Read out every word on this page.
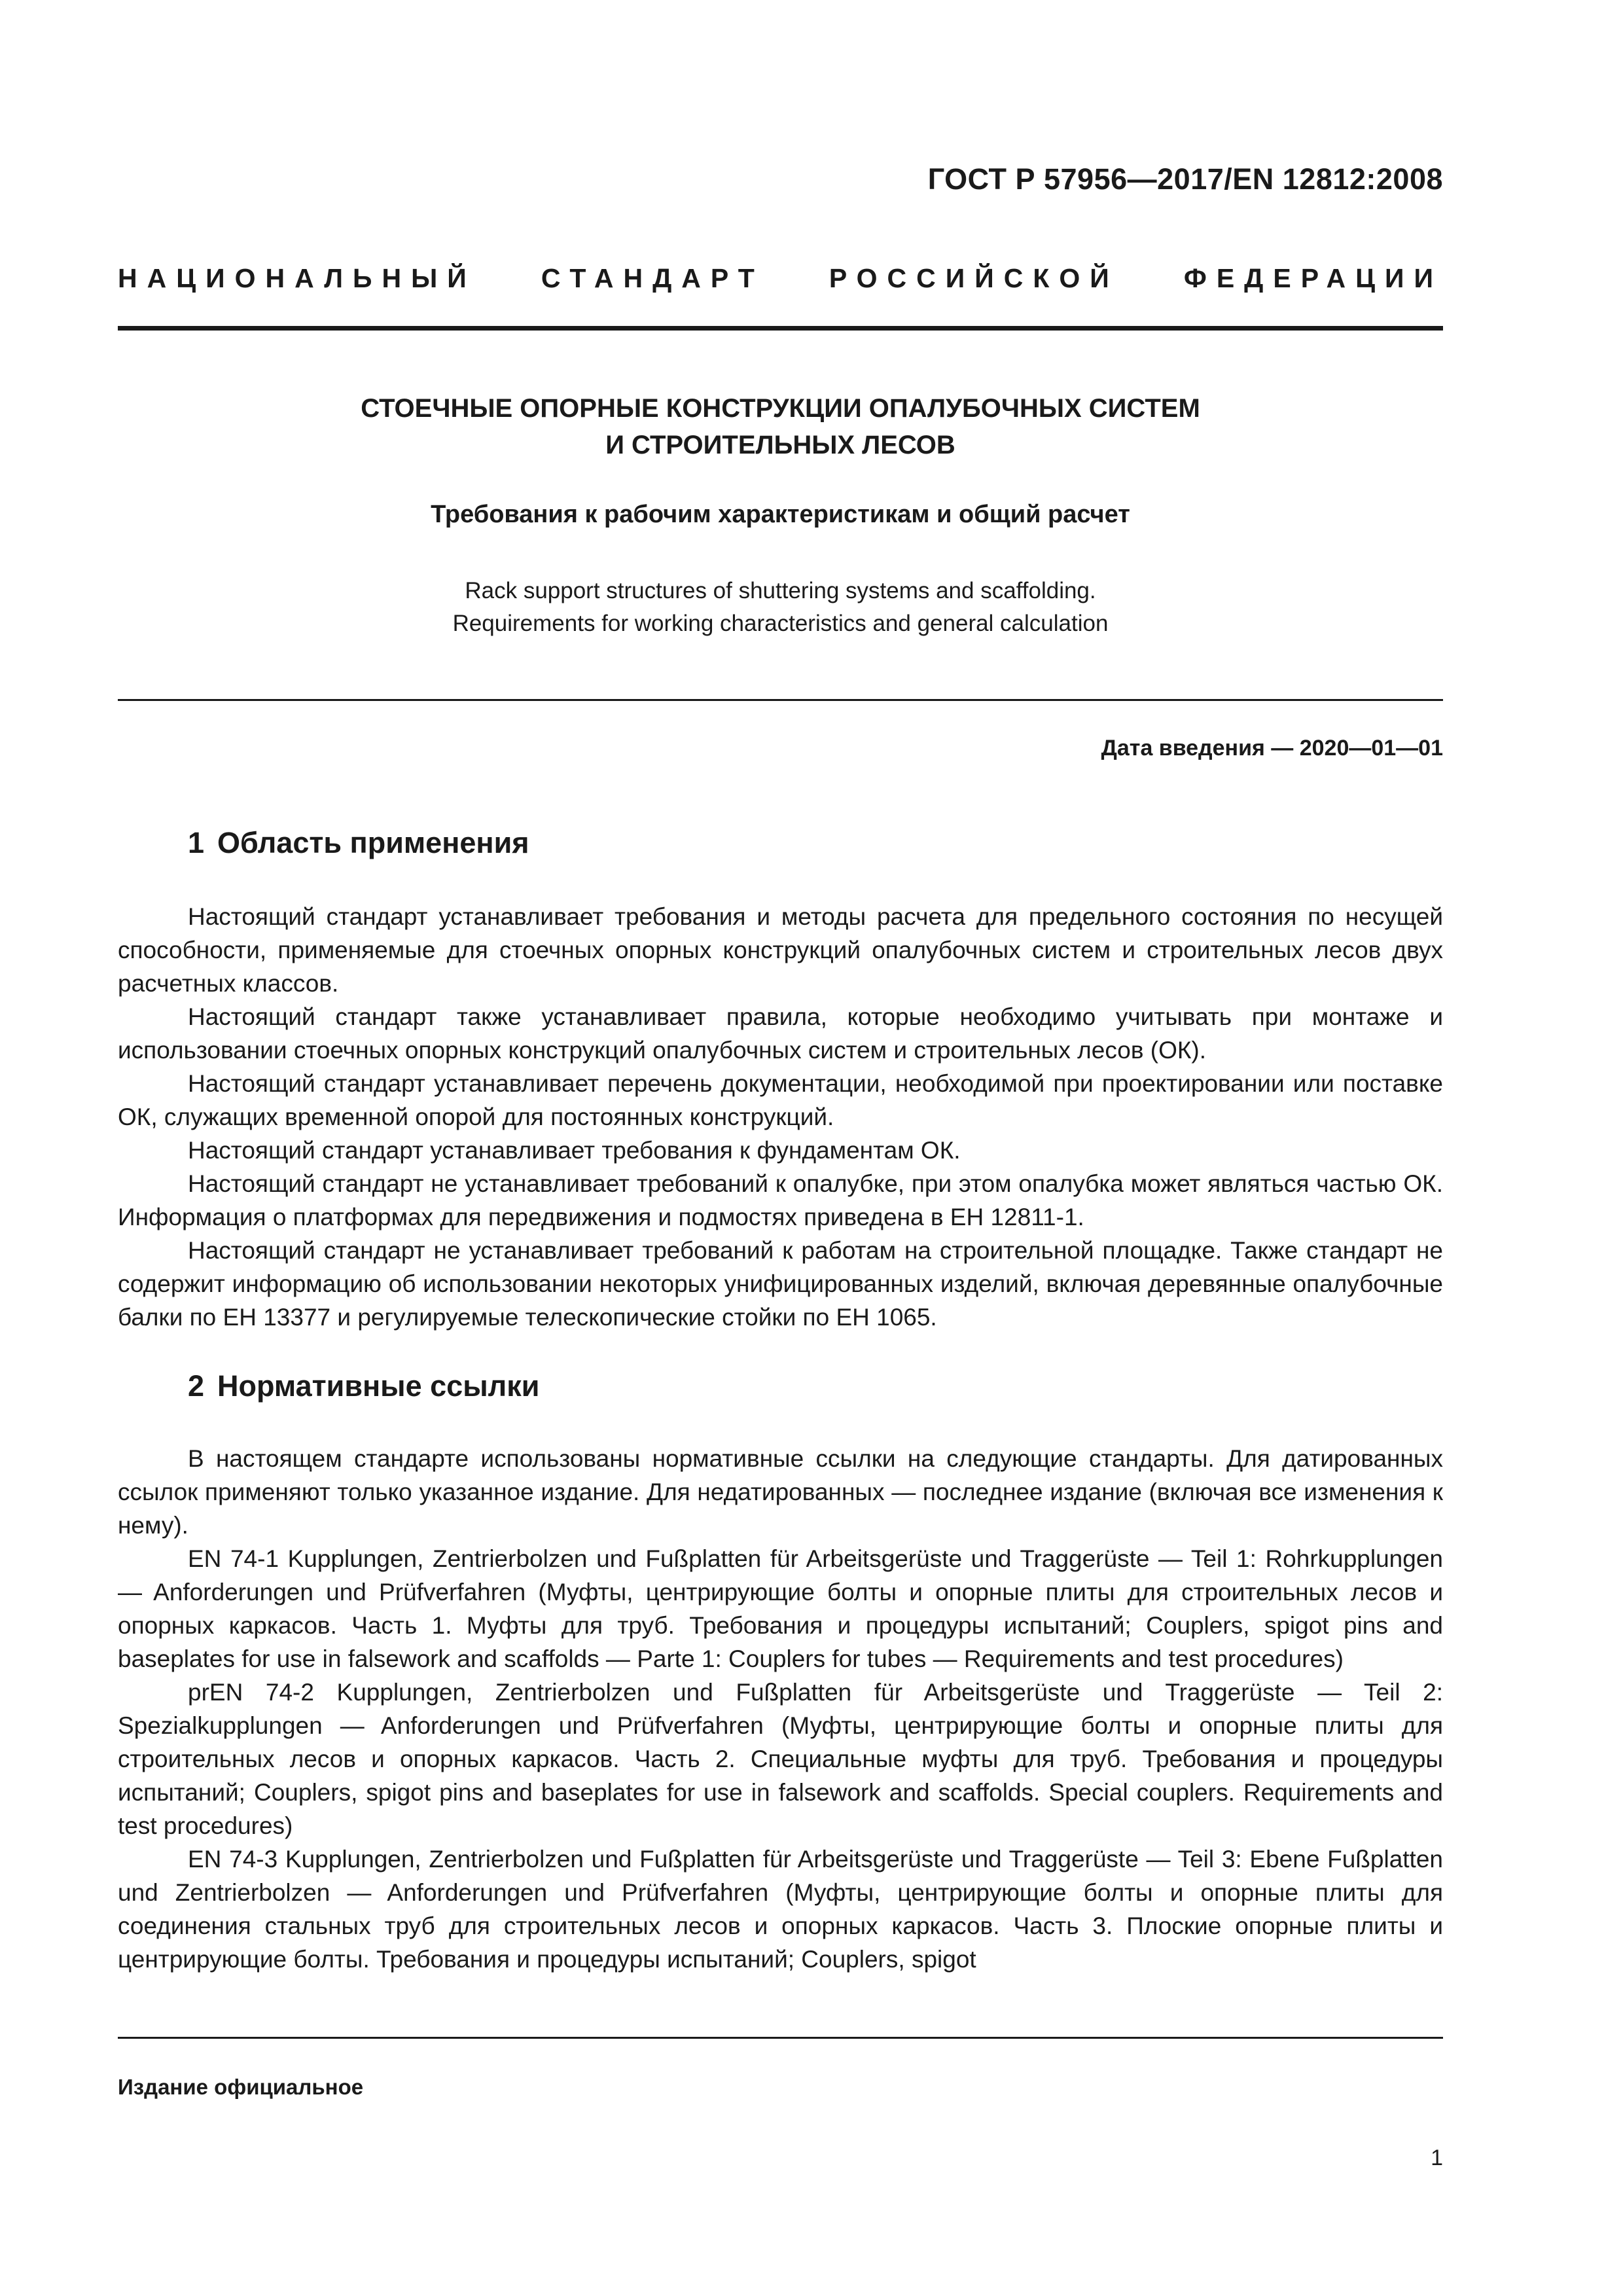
ГОСТ Р 57956—2017/EN 12812:2008
НАЦИОНАЛЬНЫЙ СТАНДАРТ РОССИЙСКОЙ ФЕДЕРАЦИИ
СТОЕЧНЫЕ ОПОРНЫЕ КОНСТРУКЦИИ ОПАЛУБОЧНЫХ СИСТЕМ
И СТРОИТЕЛЬНЫХ ЛЕСОВ
Требования к рабочим характеристикам и общий расчет
Rack support structures of shuttering systems and scaffolding.
Requirements for working characteristics and general calculation
Дата введения — 2020—01—01
1 Область применения

Настоящий стандарт устанавливает требования и методы расчета для предельного состояния по несущей способности, применяемые для стоечных опорных конструкций опалубочных систем и строительных лесов двух расчетных классов.

Настоящий стандарт также устанавливает правила, которые необходимо учитывать при монтаже и использовании стоечных опорных конструкций опалубочных систем и строительных лесов (ОК).

Настоящий стандарт устанавливает перечень документации, необходимой при проектировании или поставке ОК, служащих временной опорой для постоянных конструкций.

Настоящий стандарт устанавливает требования к фундаментам ОК.

Настоящий стандарт не устанавливает требований к опалубке, при этом опалубка может являться частью ОК. Информация о платформах для передвижения и подмостях приведена в ЕН 12811-1.

Настоящий стандарт не устанавливает требований к работам на строительной площадке. Также стандарт не содержит информацию об использовании некоторых унифицированных изделий, включая деревянные опалубочные балки по ЕН 13377 и регулируемые телескопические стойки по ЕН 1065.

2 Нормативные ссылки

В настоящем стандарте использованы нормативные ссылки на следующие стандарты. Для датированных ссылок применяют только указанное издание. Для недатированных — последнее издание (включая все изменения к нему).

EN 74-1 Kupplungen, Zentrierbolzen und Fußplatten für Arbeitsgerüste und Traggerüste — Teil 1: Rohrkupplungen — Anforderungen und Prüfverfahren (Муфты, центрирующие болты и опорные плиты для строительных лесов и опорных каркасов. Часть 1. Муфты для труб. Требования и процедуры испытаний; Couplers, spigot pins and baseplates for use in falsework and scaffolds — Parte 1: Couplers for tubes — Requirements and test procedures)

prEN 74-2 Kupplungen, Zentrierbolzen und Fußplatten für Arbeitsgerüste und Traggerüste — Teil 2: Spezialkupplungen — Anforderungen und Prüfverfahren (Муфты, центрирующие болты и опорные плиты для строительных лесов и опорных каркасов. Часть 2. Специальные муфты для труб. Требования и процедуры испытаний; Couplers, spigot pins and baseplates for use in falsework and scaffolds. Special couplers. Requirements and test procedures)

EN 74-3 Kupplungen, Zentrierbolzen und Fußplatten für Arbeitsgerüste und Traggerüste — Teil 3: Ebene Fußplatten und Zentrierbolzen — Anforderungen und Prüfverfahren (Муфты, центрирующие болты и опорные плиты для соединения стальных труб для строительных лесов и опорных каркасов. Часть 3. Плоские опорные плиты и центрирующие болты. Требования и процедуры испытаний; Couplers, spigot

Издание официальное
1
